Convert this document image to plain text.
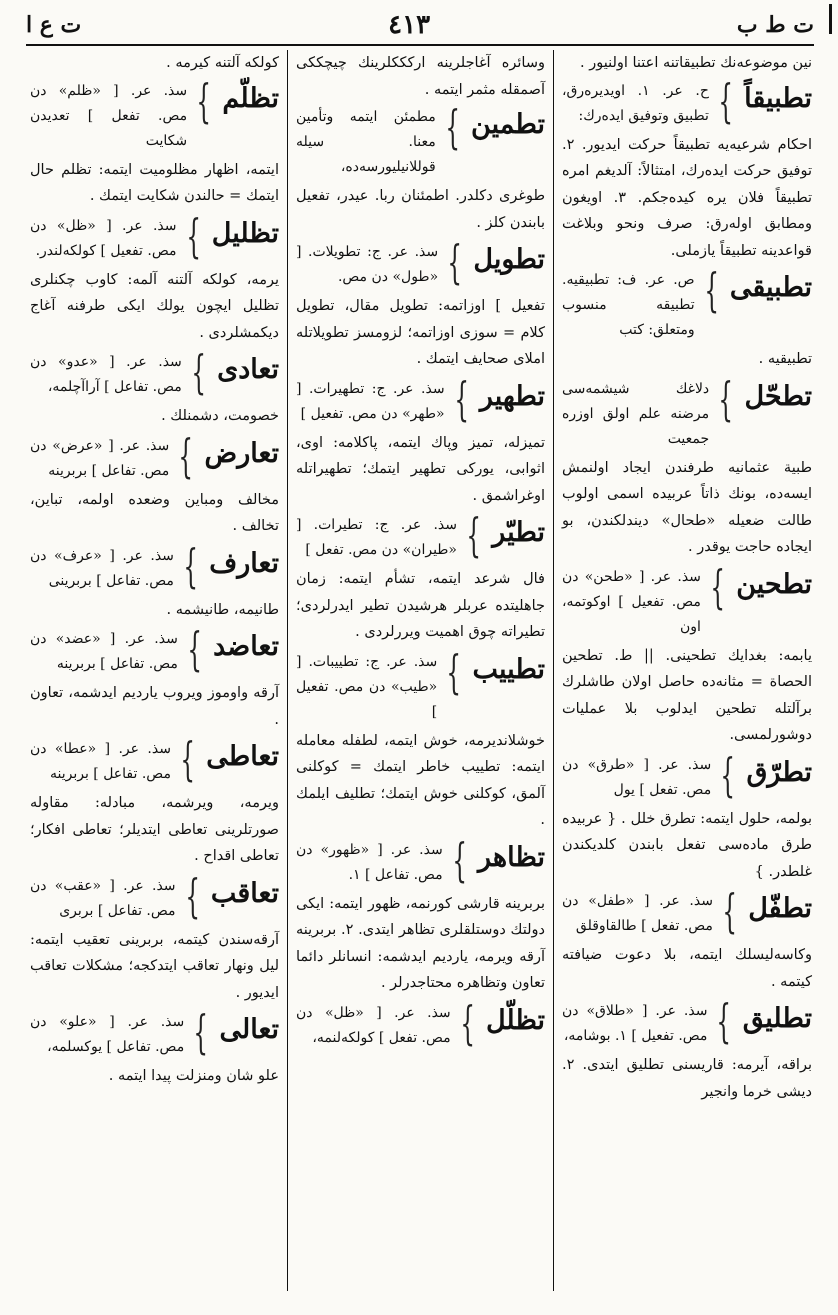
ت ط ب
٤١٣
ت ع ا
نين موضوعەنك تطبيقاتنە اعتنا اولنيور .
تطبيقاً
}
ح. عر. ١. اويدیرەرق، تطبيق وتوفيق ايدەرك:
احكام شرعيەيە تطبيقاً حركت ايديور. ٢. توفيق حركت ايدەرك، امتثالاً: آلديغم امرە تطبيقاً فلان يرە كيدەجكم. ٣. اويغون ومطابق اولەرق: صرف ونحو وبلاغت قواعدينە تطبيقاً يازملى.
تطبيقى
}
ص. عر. ف: تطبيقيە. تطبيقە منسوب ومتعلق: كتب
تطبيقيە .
تطحّل
}
دلاغك شيشمەسى مرضنە علم اولق اوزرە جمعيت
طبية عثمانيە طرفندن ايجاد اولنمش ايسەدە، بونك ذاتاً عربيدە اسمى اولوب طالت ضعيلە «طحال» ديندلكندن، بو ايجادە حاجت يوقدر .
تطحين
}
سذ. عر. [ «طحن» دن مص. تفعيل ] اوكوتمە، اون
يابمە: بغدايك تطحينى. || ط. تطحين الحصاة = مثانەدە حاصل اولان طاشلرك برآلتلە تطحين ايدلوب بلا عمليات دوشورلمسى.
تطرّق
}
سذ. عر. [ «طرق» دن مص. تفعل ] يول
بولمە، حلول ايتمە: تطرق خلل . { عربيدە طرق مادەسى تفعل بابندن كلديكندن غلطدر. }
تطفّل
}
سذ. عر. [ «طفل» دن مص. تفعل ] طالقاوقلق
وكاسەليسلك ايتمە، بلا دعوت ضيافتە كيتمە .
تطليق
}
سذ. عر. [ «طلاق» دن مص. تفعيل ] ١. بوشامە،
براقە، آيرمە: قاريسنى تطليق ايتدى. ٢. ديشى خرما وانجير
وسائرە آغاجلرينە اركككلرينك چيچككى آصمقلە مثمر ايتمە .
تطمين
}
مطمئن ايتمە وتأمين معنا. سيلە قوللانيليورسەدە،
طوغرى دكلدر. اطمئنان ربا. عيدر، تفعيل بابندن كلز .
تطويل
}
سذ. عر. ج: تطويلات. [ «طول» دن مص.
تفعيل ] اوزاتمە: تطويل مقال، تطويل كلام = سوزى اوزاتمە؛ لزومسز تطويلاتلە املاى صحايف ايتمك .
تطهير
}
سذ. عر. ج: تطهيرات. [ «طهر» دن مص. تفعيل ]
تميزلە، تميز وپاك ايتمە، پاكلامە: اوى، اثوابى، يوركى تطهير ايتمك؛ تطهيراتلە اوغراشمق .
تطيّر
}
سذ. عر. ج: تطيرات. [ «طيران» دن مص. تفعل ]
فال شرعد ايتمە، تشأم ايتمە: زمان جاهليتدە عربلر هرشيدن تطير ايدرلردى؛ تطيراتە چوق اهميت ويررلردى .
تطييب
}
سذ. عر. ج: تطييبات. [ «طيب» دن مص. تفعيل ]
خوشلاندیرمە، خوش ايتمە، لطفلە معاملە ايتمە: تطييب خاطر ايتمك = كوكلنى آلمق، كوكلنى خوش ايتمك؛ تطليف ايلمك .
تظاهر
}
سذ. عر. [ «ظهور» دن مص. تفاعل ] ١.
بربرينە قارشى كورنمە، ظهور ايتمە: ايكى دولتك دوستلقلرى تظاهر ايتدى. ٢. بربرينە آرقە ويرمە، ياردیم ايدشمە: انسانلر دائما تعاون وتظاهرە محتاجدرلر .
تظلّل
}
سذ. عر. [ «ظل» دن مص. تفعل ] كولكەلنمە،
كولكە آلتنە كيرمە .
تظلّم
}
سذ. عر. [ «ظلم» دن مص. تفعل ] تعديدن شكايت
ايتمە، اظهار مظلوميت ايتمە: تظلم حال ايتمك = حالندن شكايت ايتمك .
تظليل
}
سذ. عر. [ «ظل» دن مص. تفعيل ] كولكەلندر.
يرمە، كولكە آلتنە آلمە: كاوب چكنلرى تظليل ايچون يولك ايكى طرفنە آغاج ديكمشلردى .
تعادى
}
سذ. عر. [ «عدو» دن مص. تفاعل ] آراآچلمە،
خصومت، دشمنلك .
تعارض
}
سذ. عر. [ «عرض» دن مص. تفاعل ] بربرينە
مخالف ومباين وضعدە اولمە، تباين، تخالف .
تعارف
}
سذ. عر. [ «عرف» دن مص. تفاعل ] بربرينى
طانيمە، طانيشمە .
تعاضد
}
سذ. عر. [ «عضد» دن مص. تفاعل ] بربرينە
آرقە واوموز ويروب ياردیم ايدشمە، تعاون .
تعاطى
}
سذ. عر. [ «عطا» دن مص. تفاعل ] بربرينە
ويرمە، ويرشمە، مبادلە: مقاولە صورتلرينى تعاطى ايتديلر؛ تعاطى افكار؛ تعاطى اقداح .
تعاقب
}
سذ. عر. [ «عقب» دن مص. تفاعل ] بربرى
آرقەسندن كيتمە، بربرينى تعقيب ايتمە: ليل ونهار تعاقب ايتدكجە؛ مشكلات تعاقب ايديور .
تعالى
}
سذ. عر. [ «علو» دن مص. تفاعل ] يوكسلمە،
علو شان ومنزلت پيدا ايتمە .
